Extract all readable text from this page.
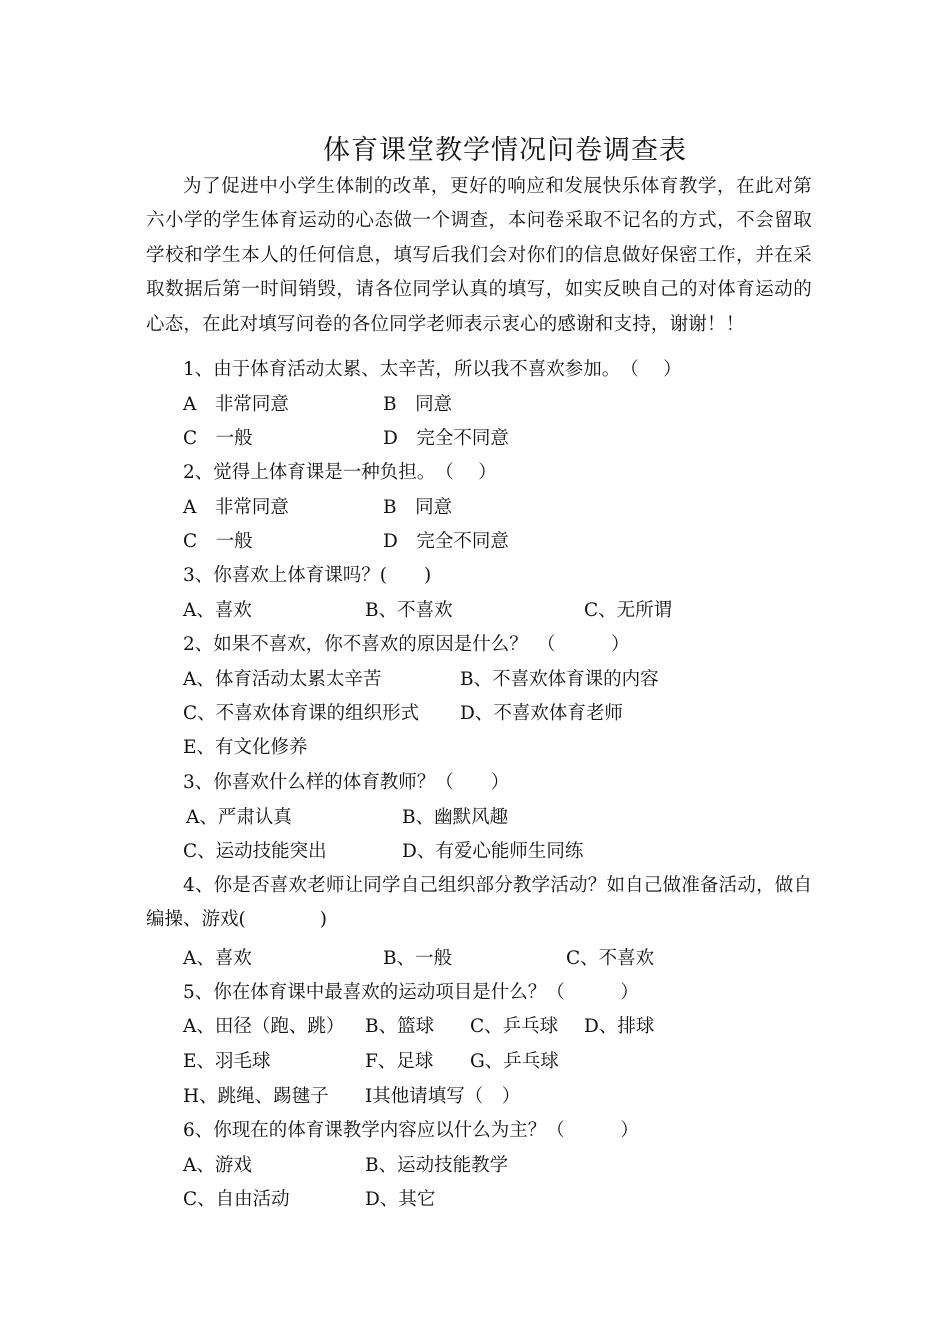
体育课堂教学情况问卷调查表
为了促进中小学生体制的改革，更好的响应和发展快乐体育教学，在此对第六小学的学生体育运动的心态做一个调查，本问卷采取不记名的方式，不会留取学校和学生本人的任何信息，填写后我们会对你们的信息做好保密工作，并在采取数据后第一时间销毁，请各位同学认真的填写，如实反映自己的对体育运动的心态，在此对填写问卷的各位同学老师表示衷心的感谢和支持，谢谢！！
1、由于体育活动太累、太辛苦，所以我不喜欢参加。　（　 ）
A　非常同意	B　同意
C　一般	D　完全不同意
2、觉得上体育课是一种负担。　（　 ）
A　非常同意	B　同意
C　一般	D　完全不同意
3、你喜欢上体育课吗？(　　)
A、喜欢	B、不喜欢	C、无所谓
2、如果不喜欢，你不喜欢的原因是什么？　（　　　）
A、体育活动太累太辛苦	B、不喜欢体育课的内容
C、不喜欢体育课的组织形式 D、不喜欢体育老师
E、有文化修养
3、你喜欢什么样的体育教师？（　　）
A、严肃认真	B、幽默风趣
C、运动技能突出	D、有爱心能师生同练
4、你是否喜欢老师让同学自己组织部分教学活动？如自己做准备活动，做自编操、游戏(　　　　)
A、喜欢	B、一般	C、不喜欢
5、你在体育课中最喜欢的运动项目是什么？（　　　）
A、田径（跑、跳） B、篮球 C、乒乓球 D、排球
E、羽毛球	F、足球 G、乒乓球
H、跳绳、踢毽子 I其他请填写（　）
6、你现在的体育课教学内容应以什么为主？（　　　）
A、游戏	B、运动技能教学
C、自由活动	D、其它
